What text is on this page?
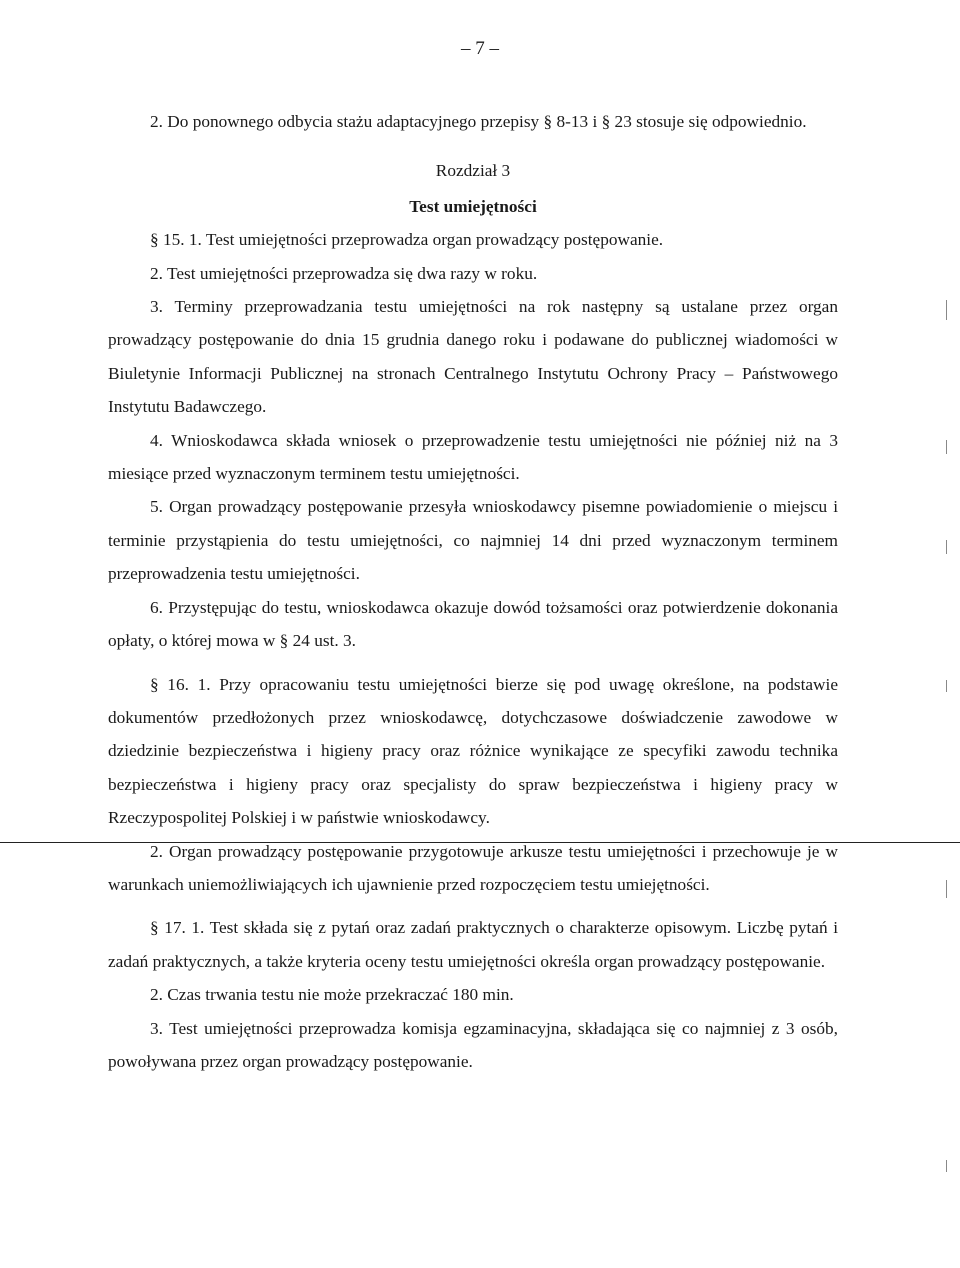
– 7 –

2. Do ponownego odbycia stażu adaptacyjnego przepisy § 8-13 i § 23 stosuje się odpowiednio.

Rozdział 3

Test umiejętności

§ 15. 1. Test umiejętności przeprowadza organ prowadzący postępowanie.

2. Test umiejętności przeprowadza się dwa razy w roku.

3. Terminy przeprowadzania testu umiejętności na rok następny są ustalane przez organ prowadzący postępowanie do dnia 15 grudnia danego roku i podawane do publicznej wiadomości w Biuletynie Informacji Publicznej na stronach Centralnego Instytutu Ochrony Pracy – Państwowego Instytutu Badawczego.

4. Wnioskodawca składa wniosek o przeprowadzenie testu umiejętności nie później niż na 3 miesiące przed wyznaczonym terminem testu umiejętności.

5. Organ prowadzący postępowanie przesyła wnioskodawcy pisemne powiadomienie o miejscu i terminie przystąpienia do testu umiejętności, co najmniej 14 dni przed wyznaczonym terminem przeprowadzenia testu umiejętności.

6. Przystępując do testu, wnioskodawca okazuje dowód tożsamości oraz potwierdzenie dokonania opłaty, o której mowa w § 24 ust. 3.

§ 16. 1. Przy opracowaniu testu umiejętności bierze się pod uwagę określone, na podstawie dokumentów przedłożonych przez wnioskodawcę, dotychczasowe doświadczenie zawodowe w dziedzinie bezpieczeństwa i higieny pracy oraz różnice wynikające ze specyfiki zawodu technika bezpieczeństwa i higieny pracy oraz specjalisty do spraw bezpieczeństwa i higieny pracy w Rzeczypospolitej Polskiej i w państwie wnioskodawcy.

2. Organ prowadzący postępowanie przygotowuje arkusze testu umiejętności i przechowuje je w warunkach uniemożliwiających ich ujawnienie przed rozpoczęciem testu umiejętności.

§ 17. 1. Test składa się z pytań oraz zadań praktycznych o charakterze opisowym. Liczbę pytań i zadań praktycznych, a także kryteria oceny testu umiejętności określa organ prowadzący postępowanie.

2. Czas trwania testu nie może przekraczać 180 min.

3. Test umiejętności przeprowadza komisja egzaminacyjna, składająca się co najmniej z 3 osób, powoływana przez organ prowadzący postępowanie.
